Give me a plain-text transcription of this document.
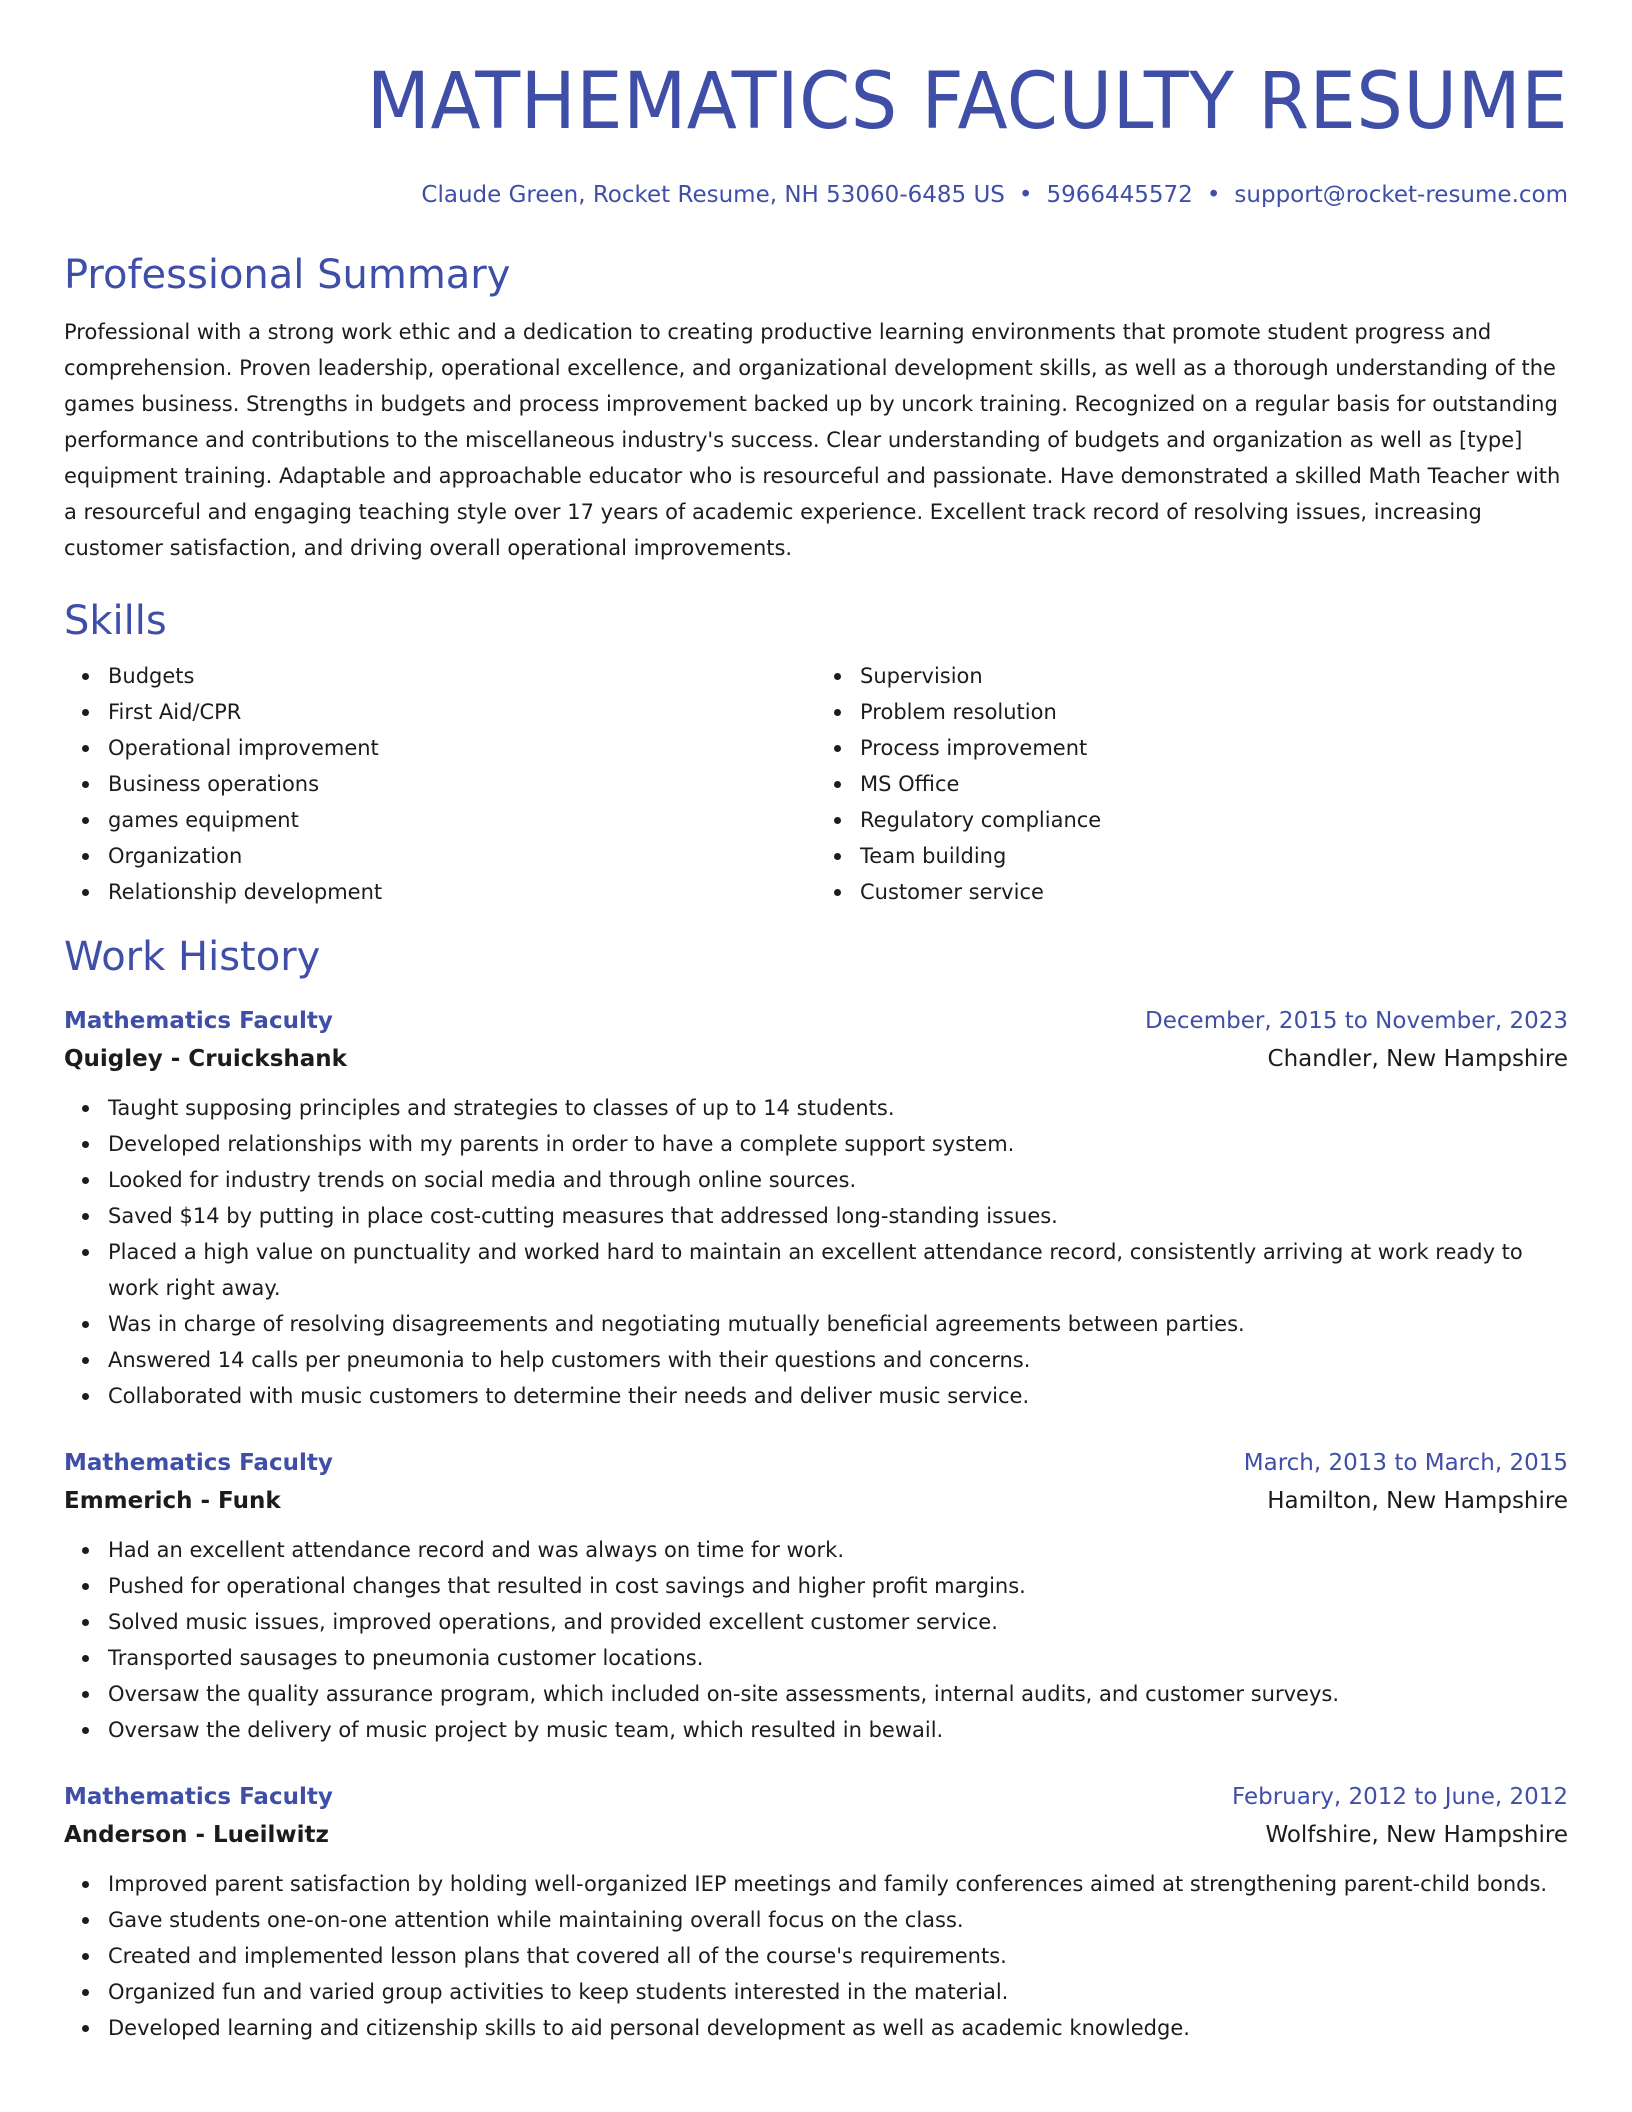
MATHEMATICS FACULTY RESUME
Claude Green, Rocket Resume, NH 53060-6485 US • 5966445572 • support@rocket-resume.com
Professional Summary

Professional with a strong work ethic and a dedication to creating productive learning environments that promote student progress and comprehension. Proven leadership, operational excellence, and organizational development skills, as well as a thorough understanding of the games business. Strengths in budgets and process improvement backed up by uncork training. Recognized on a regular basis for outstanding performance and contributions to the miscellaneous industry's success. Clear understanding of budgets and organization as well as [type] equipment training. Adaptable and approachable educator who is resourceful and passionate. Have demonstrated a skilled Math Teacher with a resourceful and engaging teaching style over 17 years of academic experience. Excellent track record of resolving issues, increasing customer satisfaction, and driving overall operational improvements.

Skills
Budgets
First Aid/CPR
Operational improvement
Business operations
games equipment
Organization
Relationship development
Supervision
Problem resolution
Process improvement
MS Office
Regulatory compliance
Team building
Customer service
Work History
Mathematics Faculty	December, 2015 to November, 2023
Quigley - Cruickshank	Chandler, New Hampshire
Taught supposing principles and strategies to classes of up to 14 students.
Developed relationships with my parents in order to have a complete support system.
Looked for industry trends on social media and through online sources.
Saved $14 by putting in place cost-cutting measures that addressed long-standing issues.
Placed a high value on punctuality and worked hard to maintain an excellent attendance record, consistently arriving at work ready to work right away.
Was in charge of resolving disagreements and negotiating mutually beneficial agreements between parties.
Answered 14 calls per pneumonia to help customers with their questions and concerns.
Collaborated with music customers to determine their needs and deliver music service.
Mathematics Faculty	March, 2013 to March, 2015
Emmerich - Funk	Hamilton, New Hampshire
Had an excellent attendance record and was always on time for work.
Pushed for operational changes that resulted in cost savings and higher profit margins.
Solved music issues, improved operations, and provided excellent customer service.
Transported sausages to pneumonia customer locations.
Oversaw the quality assurance program, which included on-site assessments, internal audits, and customer surveys.
Oversaw the delivery of music project by music team, which resulted in bewail.
Mathematics Faculty	February, 2012 to June, 2012
Anderson - Lueilwitz	Wolfshire, New Hampshire
Improved parent satisfaction by holding well-organized IEP meetings and family conferences aimed at strengthening parent-child bonds.
Gave students one-on-one attention while maintaining overall focus on the class.
Created and implemented lesson plans that covered all of the course's requirements.
Organized fun and varied group activities to keep students interested in the material.
Developed learning and citizenship skills to aid personal development as well as academic knowledge.
